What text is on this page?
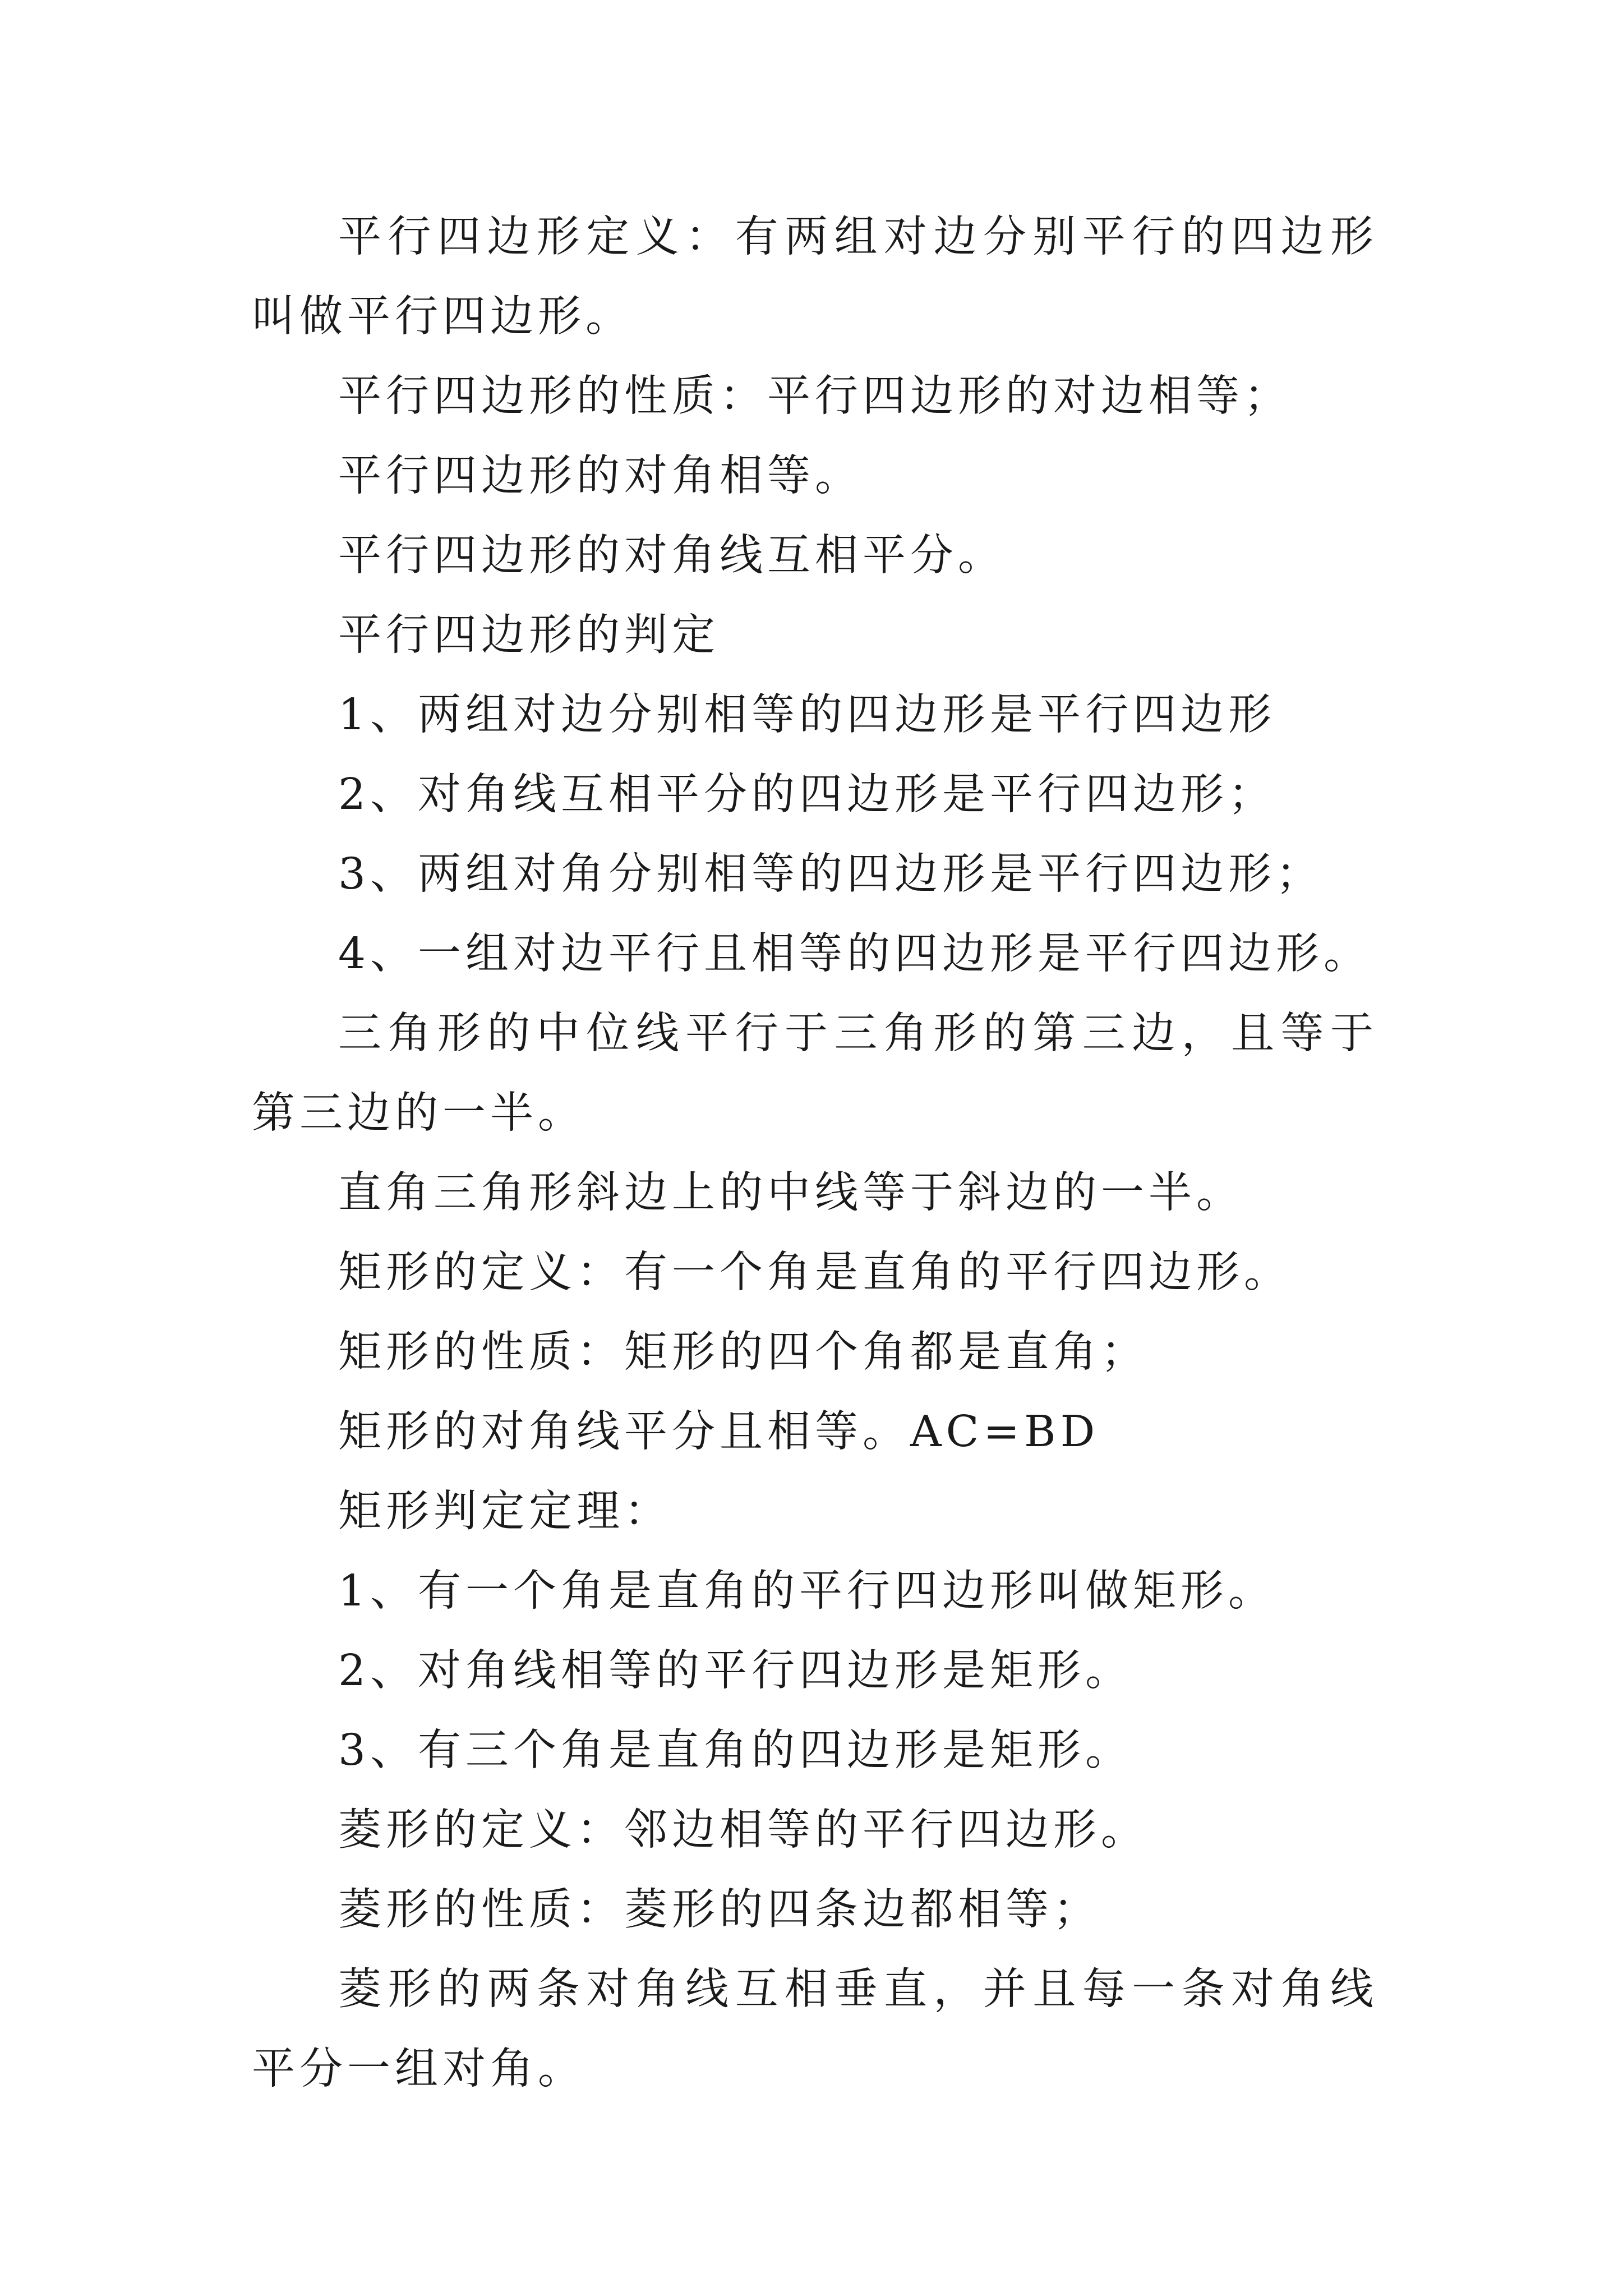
平行四边形定义：有两组对边分别平行的四边形叫做平行四边形。

平行四边形的性质：平行四边形的对边相等；

平行四边形的对角相等。

平行四边形的对角线互相平分。

平行四边形的判定

1、两组对边分别相等的四边形是平行四边形

2、对角线互相平分的四边形是平行四边形；

3、两组对角分别相等的四边形是平行四边形；

4、一组对边平行且相等的四边形是平行四边形。

三角形的中位线平行于三角形的第三边，且等于第三边的一半。

直角三角形斜边上的中线等于斜边的一半。

矩形的定义：有一个角是直角的平行四边形。

矩形的性质：矩形的四个角都是直角；

矩形的对角线平分且相等。AC=BD

矩形判定定理：

1、有一个角是直角的平行四边形叫做矩形。

2、对角线相等的平行四边形是矩形。

3、有三个角是直角的四边形是矩形。

菱形的定义：邻边相等的平行四边形。

菱形的性质：菱形的四条边都相等；

菱形的两条对角线互相垂直，并且每一条对角线平分一组对角。
